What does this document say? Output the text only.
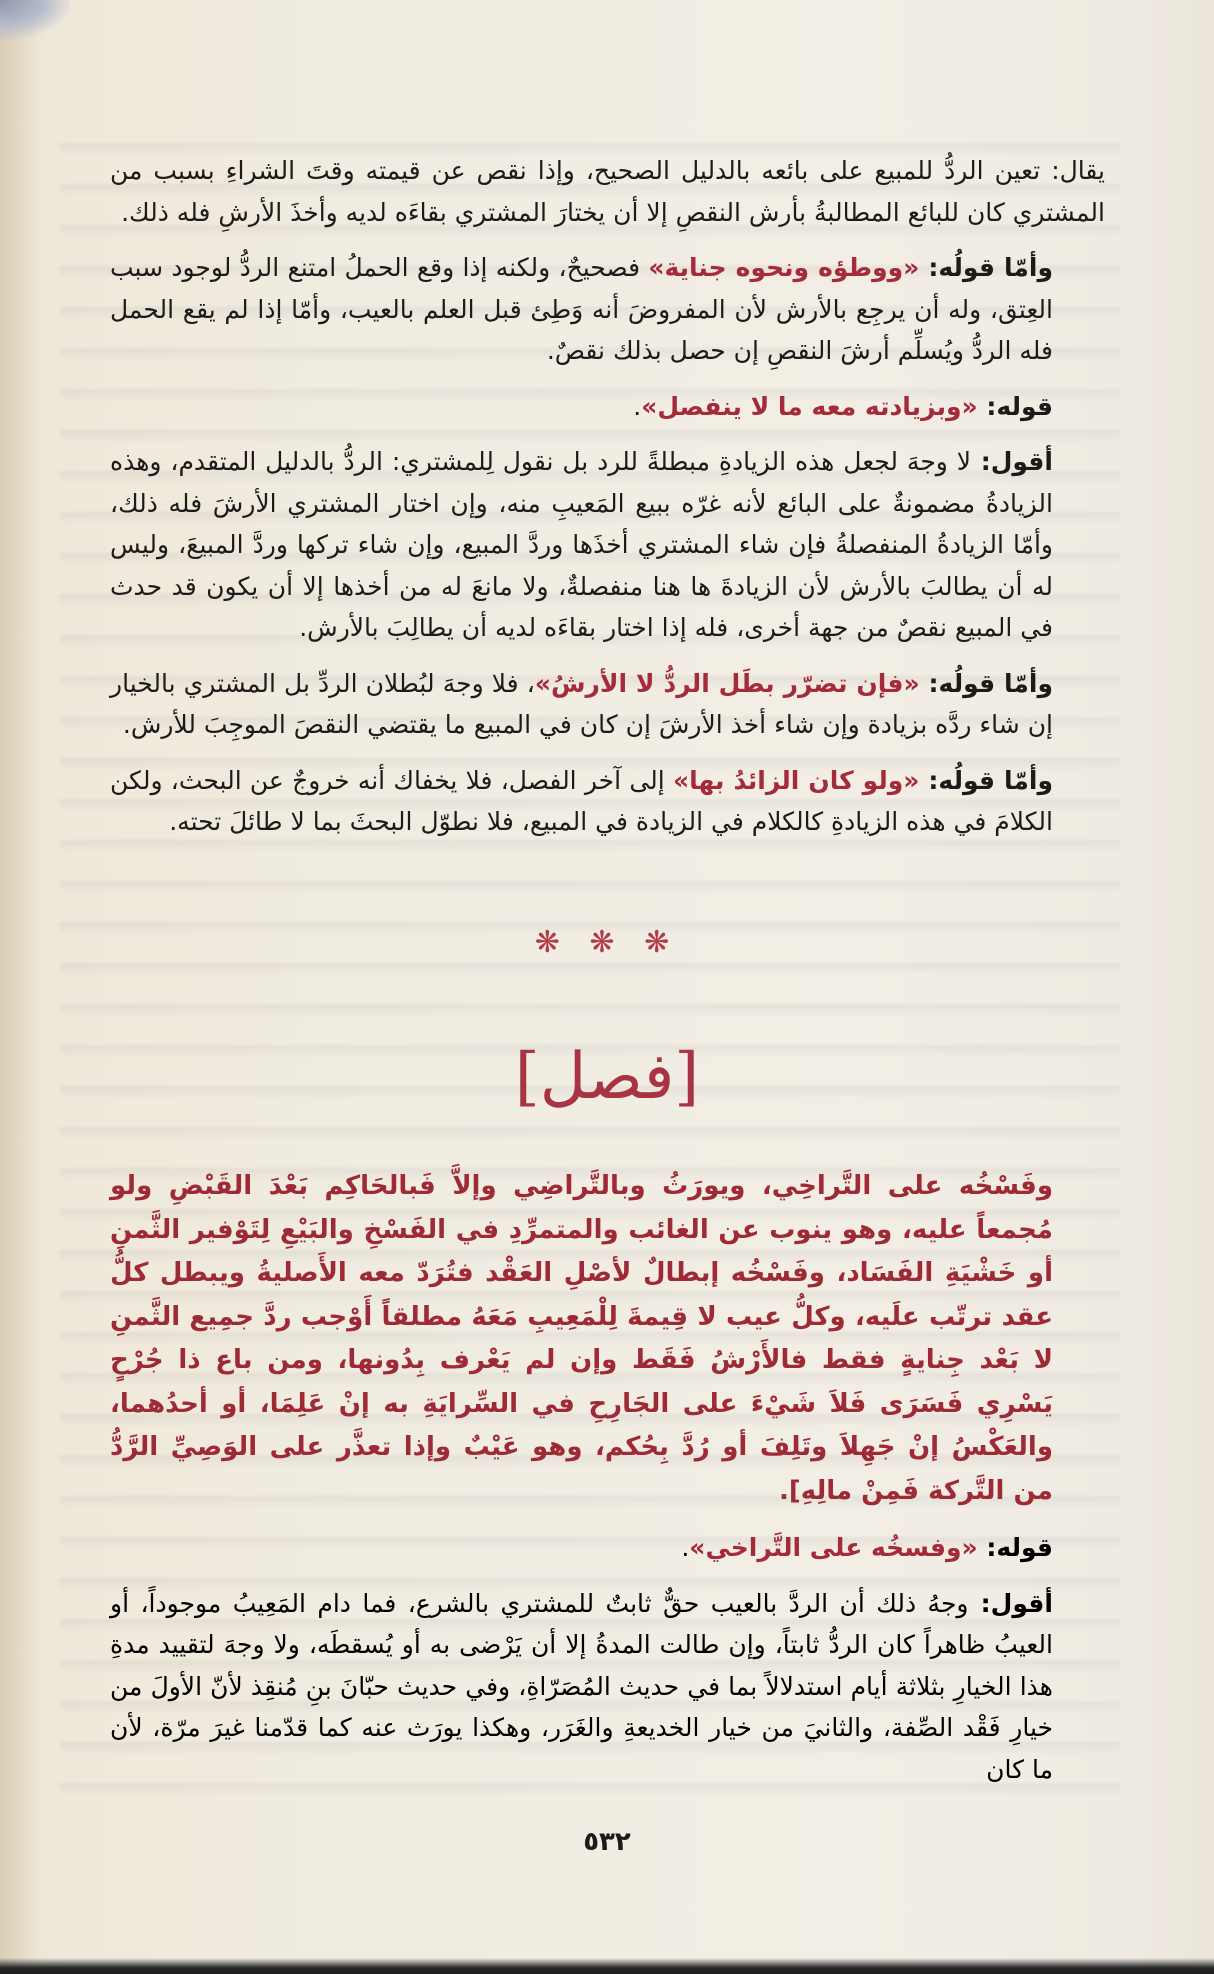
يقال: تعين الردُّ للمبيع على بائعه بالدليل الصحيح، وإذا نقص عن قيمته وقتَ الشراءِ بسبب من المشتري كان للبائع المطالبةُ بأرش النقصِ إلا أن يختارَ المشتري بقاءَه لديه وأخذَ الأرشِ فله ذلك.

وأمّا قولُه: «ووطؤه ونحوه جناية» فصحيحٌ، ولكنه إذا وقع الحملُ امتنع الردُّ لوجود سبب العِتق، وله أن يرجِع بالأرش لأن المفروضَ أنه وَطِئ قبل العلم بالعيب، وأمّا إذا لم يقع الحمل فله الردُّ ويُسلِّم أرشَ النقصِ إن حصل بذلك نقصٌ.

قوله: «وبزيادته معه ما لا ينفصل».

أقول: لا وجهَ لجعل هذه الزيادةِ مبطلةً للرد بل نقول لِلمشتري: الردُّ بالدليل المتقدم، وهذه الزيادةُ مضمونةٌ على البائع لأنه غرّه ببيع المَعيبِ منه، وإن اختار المشتري الأرشَ فله ذلك، وأمّا الزيادةُ المنفصلةُ فإن شاء المشتري أخذَها وردَّ المبيع، وإن شاء تركها وردَّ المبيعَ، وليس له أن يطالبَ بالأرش لأن الزيادةَ ها هنا منفصلةٌ، ولا مانعَ له من أخذها إلا أن يكون قد حدث في المبيع نقصٌ من جهة أخرى، فله إذا اختار بقاءَه لديه أن يطالِبَ بالأرش.

وأمّا قولُه: «فإن تضرّر بطَل الردُّ لا الأرشُ»، فلا وجهَ لبُطلان الردِّ بل المشتري بالخيار إن شاء ردَّه بزيادة وإن شاء أخذ الأرشَ إن كان في المبيع ما يقتضي النقصَ الموجِبَ للأرش.

وأمّا قولُه: «ولو كان الزائدُ بها» إلى آخر الفصل، فلا يخفاك أنه خروجٌ عن البحث، ولكن الكلامَ في هذه الزيادةِ كالكلام في الزيادة في المبيع، فلا نطوّل البحثَ بما لا طائلَ تحته.

❋ ❋ ❋
[فصل]

وفَسْخُه على التَّراخِي، ويورَثُ وبالتَّراضِي وإلاَّ فَبالحَاكِم بَعْدَ القَبْضِ ولو مُجمعاً عليه، وهو ينوب عن الغائب والمتمرِّدِ في الفَسْخِ والبَيْعِ لِتَوْفير الثَّمنِ أو خَشْيَةِ الفَسَاد، وفَسْخُه إبطالٌ لأصْلِ العَقْد فتُرَدّ معه الأَصليةُ ويبطل كلُّ عقد ترتّب علَيه، وكلُّ عيب لا قِيمةَ لِلْمَعِيبِ مَعَهُ مطلقاً أَوْجب ردَّ جمِيع الثَّمنِ لا بَعْد جِنايةٍ فقط فالأَرْشُ فَقَط وإن لم يَعْرف بِدُونها، ومن باع ذا جُرْحٍ يَسْرِي فَسَرَى فَلاَ شَيْءَ على الجَارِحِ في السِّرايَةِ به إنْ عَلِمَا، أو أحدُهما، والعَكْسُ إنْ جَهِلاَ وتَلِفَ أو رُدَّ بِحُكم، وهو عَيْبٌ وإذا تعذَّر على الوَصِيِّ الرَّدُّ من التَّركة فَمِنْ مالِهِ].

قوله: «وفسخُه على التَّراخي».

أقول: وجهُ ذلك أن الردَّ بالعيب حقٌّ ثابتٌ للمشتري بالشرع، فما دام المَعِيبُ موجوداً، أو العيبُ ظاهراً كان الردُّ ثابتاً، وإن طالت المدةُ إلا أن يَرْضى به أو يُسقطَه، ولا وجهَ لتقييد مدةِ هذا الخيارِ بثلاثة أيام استدلالاً بما في حديث المُصَرّاةِ، وفي حديث حبّانَ بنِ مُنقِذ لأنّ الأولَ من خيارِ فَقْد الصِّفة، والثانيَ من خيار الخديعةِ والغَرَر، وهكذا يورَث عنه كما قدّمنا غيرَ مرّة، لأن ما كان

٥٣٢
